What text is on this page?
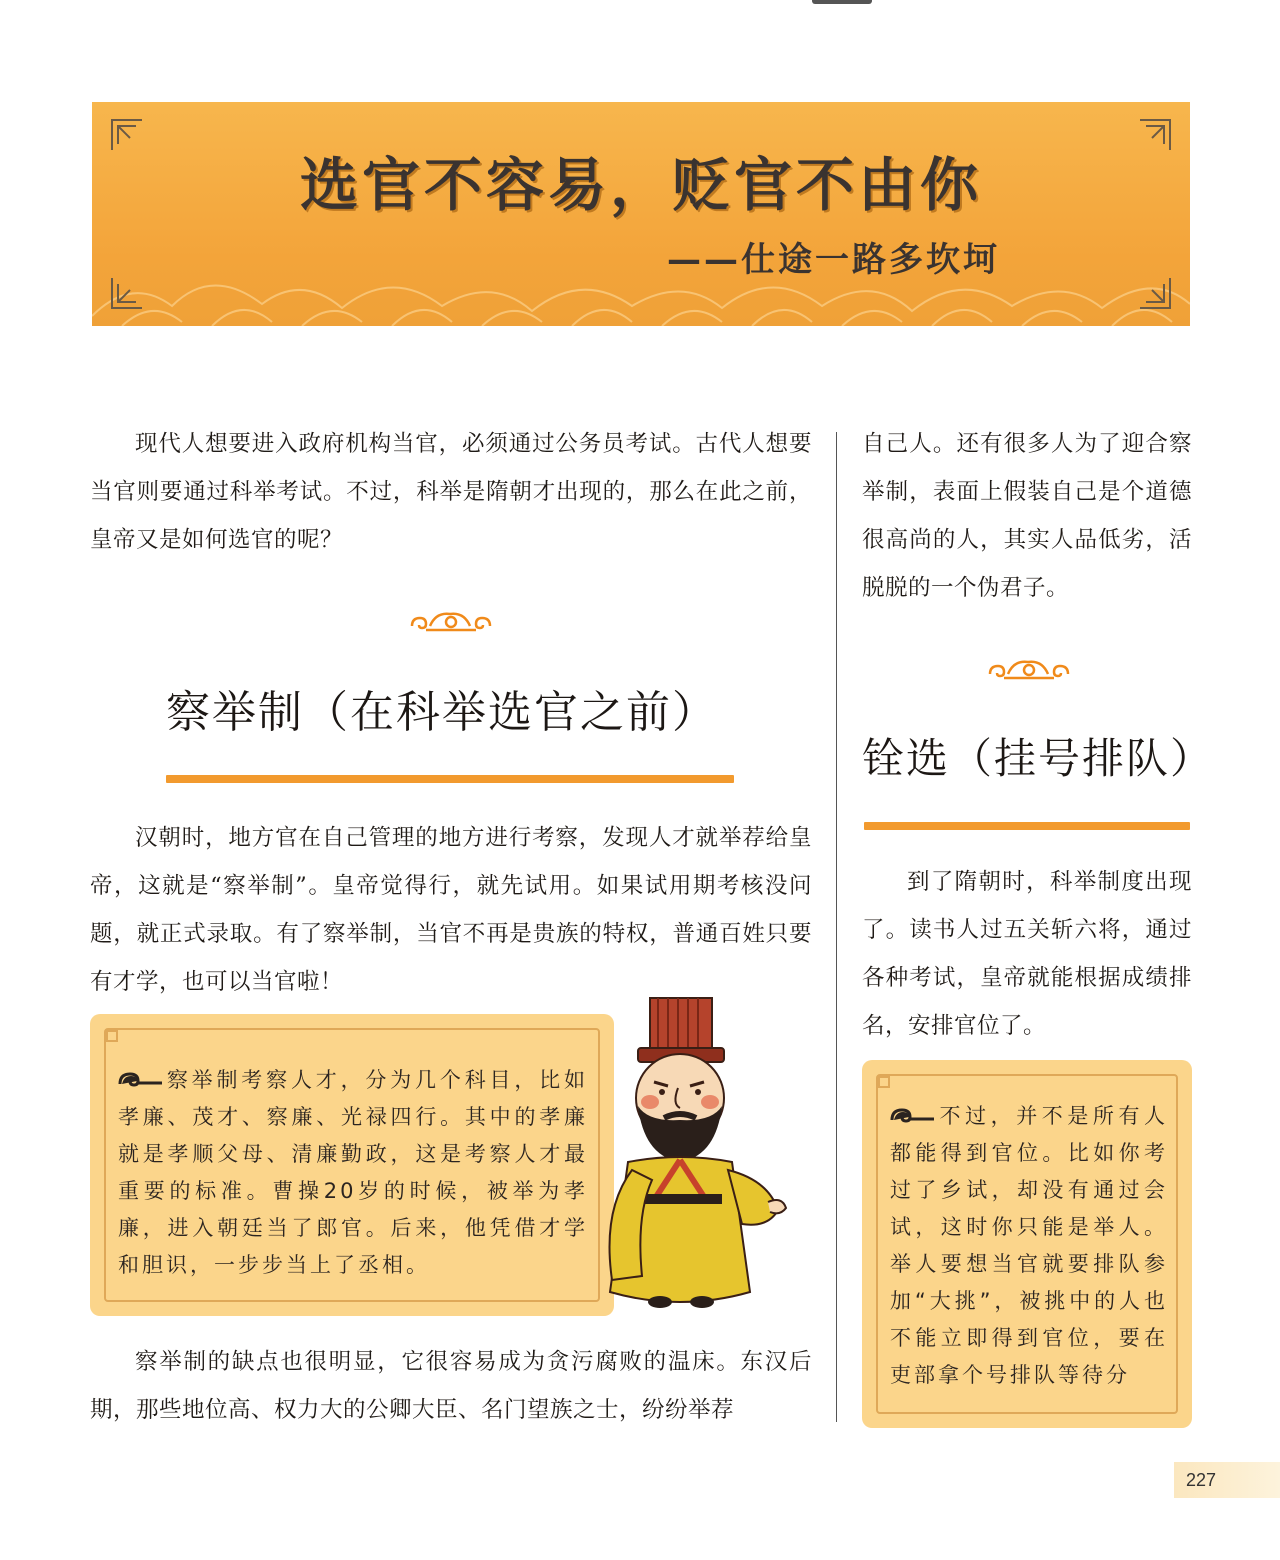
选官不容易，贬官不由你
——仕途一路多坎坷

现代人想要进入政府机构当官，必须通过公务员考试。古代人想要当官则要通过科举考试。不过，科举是隋朝才出现的，那么在此之前，皇帝又是如何选官的呢？

察举制（在科举选官之前）

汉朝时，地方官在自己管理的地方进行考察，发现人才就举荐给皇帝，这就是“察举制”。皇帝觉得行，就先试用。如果试用期考核没问题，就正式录取。有了察举制，当官不再是贵族的特权，普通百姓只要有才学，也可以当官啦！

察举制考察人才，分为几个科目，比如孝廉、茂才、察廉、光禄四行。其中的孝廉就是孝顺父母、清廉勤政，这是考察人才最重要的标准。曹操20岁的时候，被举为孝廉，进入朝廷当了郎官。后来，他凭借才学和胆识，一步步当上了丞相。

察举制的缺点也很明显，它很容易成为贪污腐败的温床。东汉后期，那些地位高、权力大的公卿大臣、名门望族之士，纷纷举荐

自己人。还有很多人为了迎合察举制，表面上假装自己是个道德很高尚的人，其实人品低劣，活脱脱的一个伪君子。

铨选（挂号排队）

到了隋朝时，科举制度出现了。读书人过五关斩六将，通过各种考试，皇帝就能根据成绩排名，安排官位了。

不过，并不是所有人都能得到官位。比如你考过了乡试，却没有通过会试，这时你只能是举人。举人要想当官就要排队参加“大挑”，被挑中的人也不能立即得到官位，要在吏部拿个号排队等待分
227
